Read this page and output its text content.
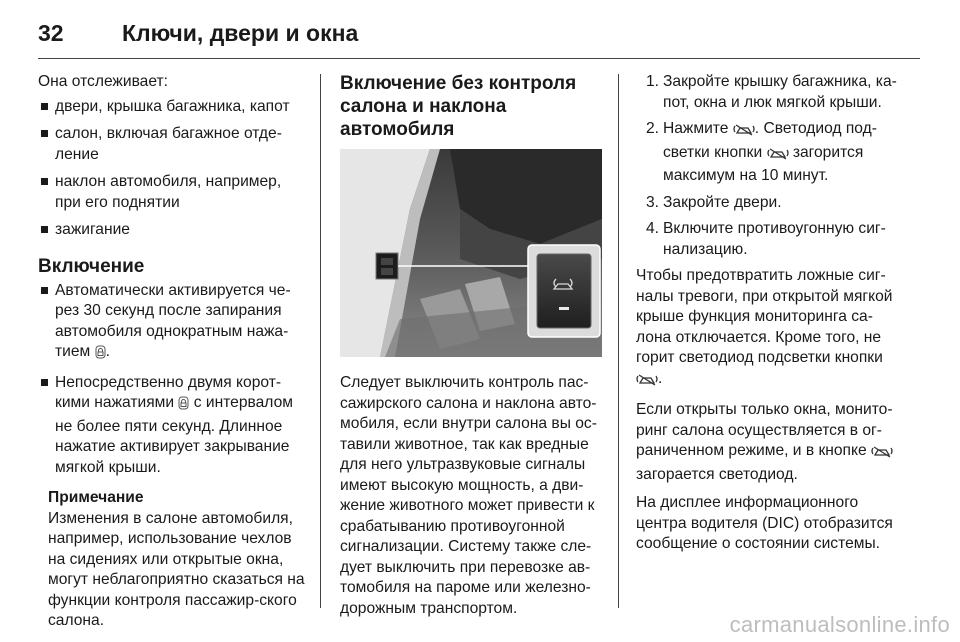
32	Ключи, двери и окна

Она отслеживает:

двери, крышка багажника, капот
салон, включая багажное отде-ление
наклон автомобиля, например, при его поднятии
зажигание
Включение
Автоматически активируется че-рез 30 секунд после запирания автомобиля однократным нажа-тием .
Непосредственно двумя корот-кими нажатиями с интервалом не более пяти секунд. Длинное нажатие активирует закрывание мягкой крыши.
Примечание
Изменения в салоне автомобиля, например, использование чехлов на сидениях или открытые окна, могут неблагоприятно сказаться на функции контроля пассажир-ского салона.
Включение без контроля салона и наклона автомобиля
Следует выключить контроль пас-сажирского салона и наклона авто-мобиля, если внутри салона вы ос-тавили животное, так как вредные для него ультразвуковые сигналы имеют высокую мощность, а дви-жение животного может привести к срабатыванию противоугонной сигнализации. Систему также сле-дует выключить при перевозке ав-томобиля на пароме или железно-дорожным транспортом.
1. Закройте крышку багажника, ка-пот, окна и люк мягкой крыши.
2. Нажмите . Светодиод под-светки кнопки загорится максимум на 10 минут.
3. Закройте двери.
4. Включите противоугонную сиг-нализацию.

Чтобы предотвратить ложные сиг-налы тревоги, при открытой мягкой крыше функция мониторинга са-лона отключается. Кроме того, не горит светодиод подсветки кнопки .

Если открыты только окна, монито-ринг салона осуществляется в ог-раниченном режиме, и в кнопке  загорается светодиод.

На дисплее информационного центра водителя (DIC) отобразится сообщение о состоянии системы.

carmanualsonline.info
